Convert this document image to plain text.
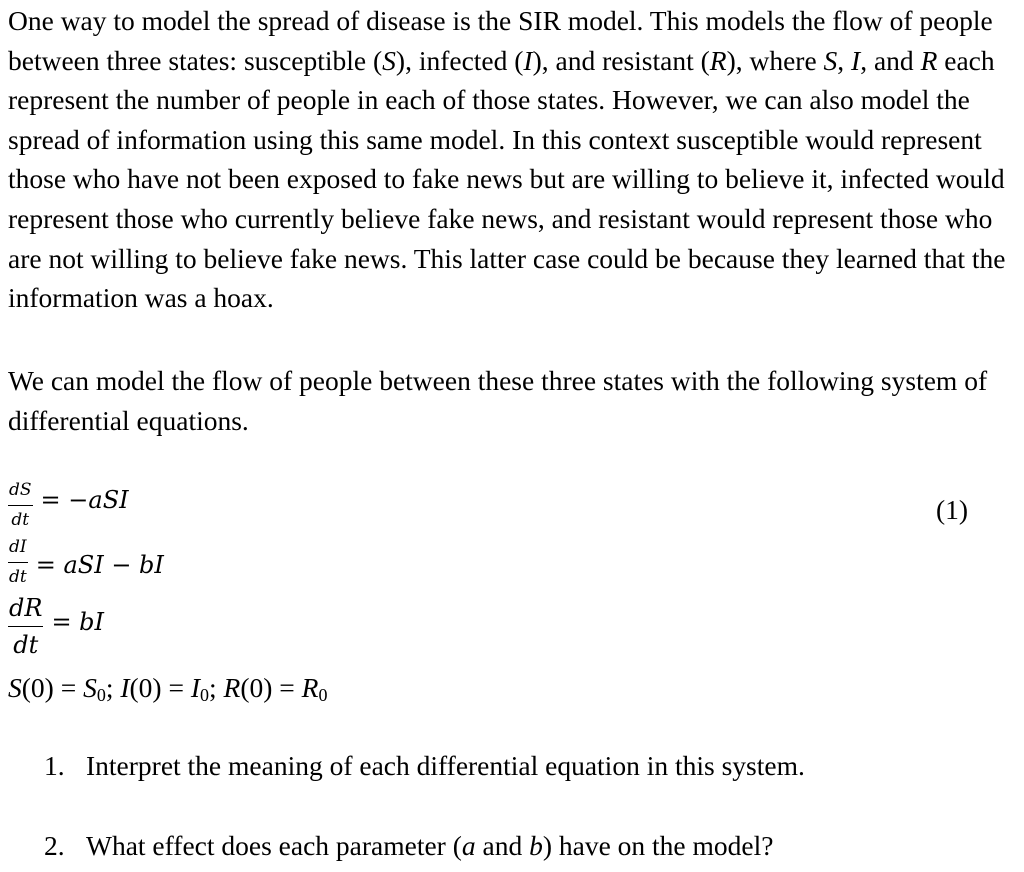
One way to model the spread of disease is the SIR model. This models the flow of people between three states: susceptible (S), infected (I), and resistant (R), where S, I, and R each represent the number of people in each of those states. However, we can also model the spread of information using this same model. In this context susceptible would represent those who have not been exposed to fake news but are willing to believe it, infected would represent those who currently believe fake news, and resistant would represent those who are not willing to believe fake news. This latter case could be because they learned that the information was a hoax.

We can model the flow of people between these three states with the following system of differential equations.

$\frac{dS}{dt} = -aSI$	(1)
$\frac{dI}{dt}$ = aSI − bI
$\frac{dR}{dt}$ = bI
$S(0) = S_0$; $I(0) = I_0$; $R(0) = R_0$

1. Interpret the meaning of each differential equation in this system.

2. What effect does each parameter (a and b) have on the model?
